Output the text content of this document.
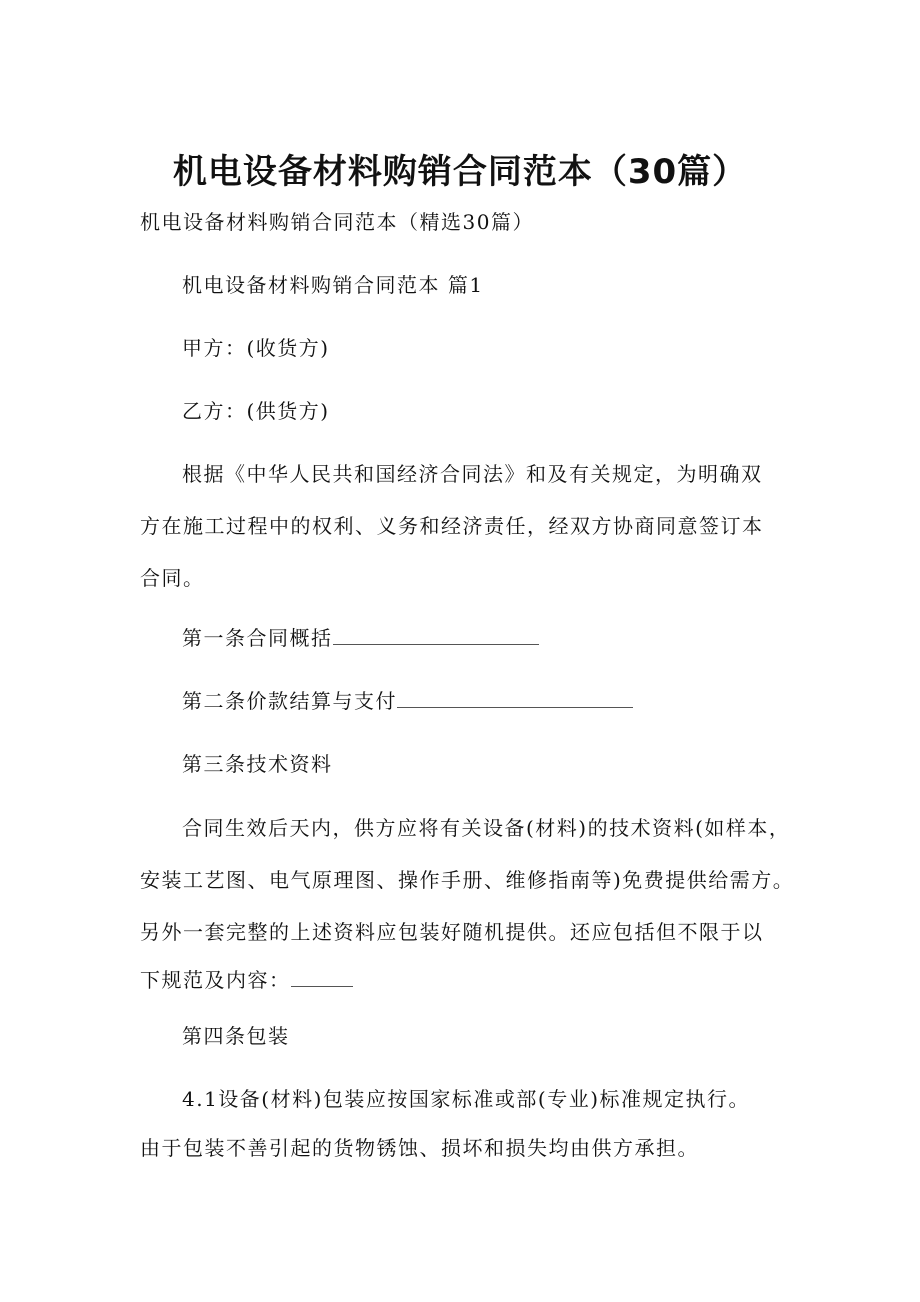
机电设备材料购销合同范本（30篇）
机电设备材料购销合同范本（精选30篇）
机电设备材料购销合同范本 篇1
甲方：(收货方)
乙方：(供货方)
根据《中华人民共和国经济合同法》和及有关规定，为明确双
方在施工过程中的权利、义务和经济责任，经双方协商同意签订本
合同。
第一条合同概括
第二条价款结算与支付
第三条技术资料
合同生效后天内，供方应将有关设备(材料)的技术资料(如样本，
安装工艺图、电气原理图、操作手册、维修指南等)免费提供给需方。
另外一套完整的上述资料应包装好随机提供。还应包括但不限于以
下规范及内容：
第四条包装
4.1设备(材料)包装应按国家标准或部(专业)标准规定执行。
由于包装不善引起的货物锈蚀、损坏和损失均由供方承担。
